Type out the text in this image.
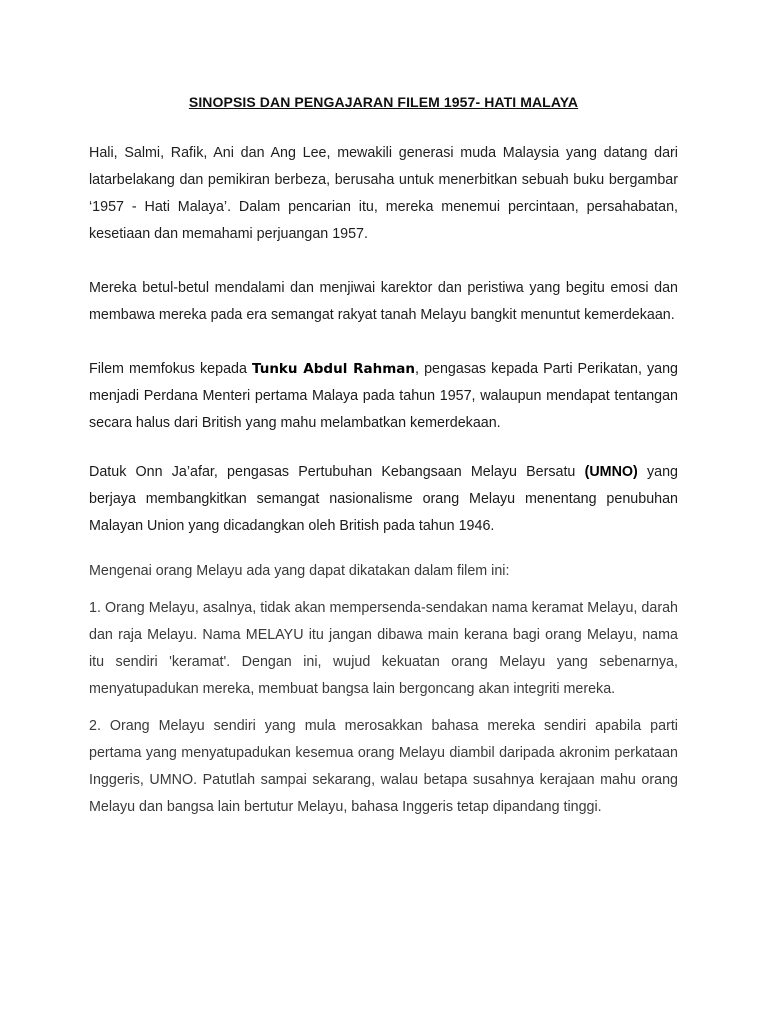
SINOPSIS DAN PENGAJARAN FILEM 1957- HATI MALAYA

Hali, Salmi, Rafik, Ani dan Ang Lee, mewakili generasi muda Malaysia yang datang dari latarbelakang dan pemikiran berbeza, berusaha untuk menerbitkan sebuah buku bergambar ‘1957 - Hati Malaya’. Dalam pencarian itu, mereka menemui percintaan, persahabatan, kesetiaan dan memahami perjuangan 1957.

Mereka betul-betul mendalami dan menjiwai karektor dan peristiwa yang begitu emosi dan membawa mereka pada era semangat rakyat tanah Melayu bangkit menuntut kemerdekaan.

Filem memfokus kepada Tunku Abdul Rahman, pengasas kepada Parti Perikatan, yang menjadi Perdana Menteri pertama Malaya pada tahun 1957, walaupun mendapat tentangan secara halus dari British yang mahu melambatkan kemerdekaan.

Datuk Onn Ja’afar, pengasas Pertubuhan Kebangsaan Melayu Bersatu (UMNO) yang berjaya membangkitkan semangat nasionalisme orang Melayu menentang penubuhan Malayan Union yang dicadangkan oleh British pada tahun 1946.

Mengenai orang Melayu ada yang dapat dikatakan dalam filem ini:

1. Orang Melayu, asalnya, tidak akan mempersenda-sendakan nama keramat Melayu, darah dan raja Melayu. Nama MELAYU itu jangan dibawa main kerana bagi orang Melayu, nama itu sendiri 'keramat'. Dengan ini, wujud kekuatan orang Melayu yang sebenarnya, menyatupadukan mereka, membuat bangsa lain bergoncang akan integriti mereka.

2. Orang Melayu sendiri yang mula merosakkan bahasa mereka sendiri apabila parti pertama yang menyatupadukan kesemua orang Melayu diambil daripada akronim perkataan Inggeris, UMNO. Patutlah sampai sekarang, walau betapa susahnya kerajaan mahu orang Melayu dan bangsa lain bertutur Melayu, bahasa Inggeris tetap dipandang tinggi.
